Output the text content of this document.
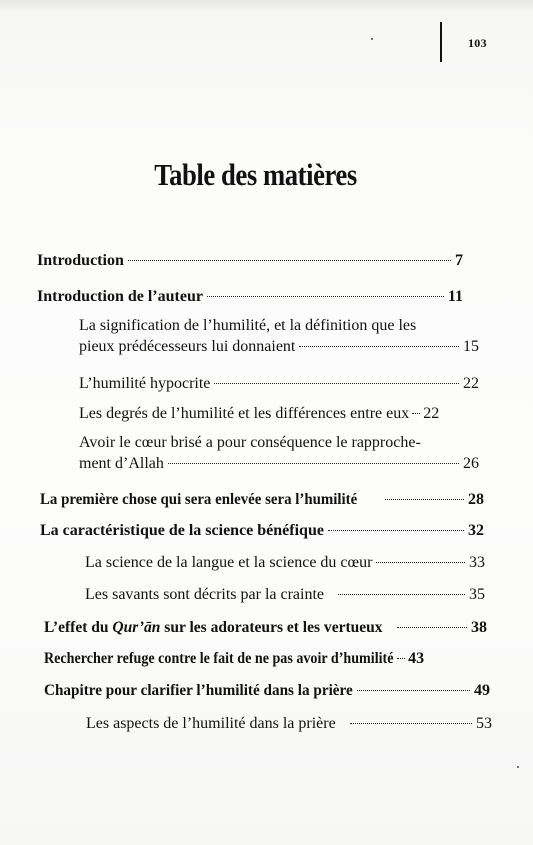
103
Table des matières
Introduction	7
Introduction de l’auteur	11
La signification de l’humilité, et la définition que les
pieux prédécesseurs lui donnaient	15
L’humilité hypocrite	22
Les degrés de l’humilité et les différences entre eux 22
Avoir le cœur brisé a pour conséquence le rapproche-
ment d’Allah	26
La première chose qui sera enlevée sera l’humilité	28
La caractéristique de la science bénéfique	32
La science de la langue et la science du cœur	33
Les savants sont décrits par la crainte	35
L’effet du Qur’ān sur les adorateurs et les vertueux	38
Rechercher refuge contre le fait de ne pas avoir d’humilité 43
Chapitre pour clarifier l’humilité dans la prière	49
Les aspects de l’humilité dans la prière	53
